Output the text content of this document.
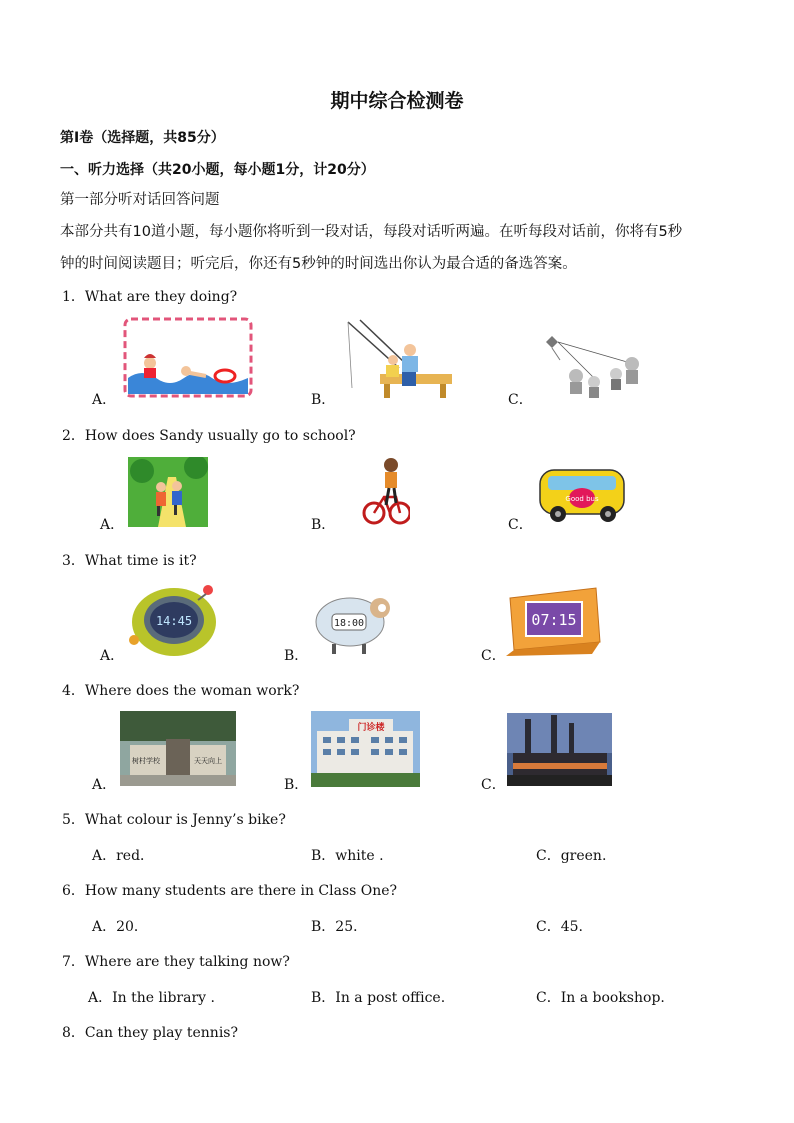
期中综合检测卷
第Ⅰ卷（选择题，共85分）
一、听力选择（共20小题，每小题1分，计20分）
第一部分听对话回答问题
本部分共有10道小题，每小题你将听到一段对话，每段对话听两遍。在听每段对话前，你将有5秒
钟的时间阅读题目；听完后，你还有5秒钟的时间选出你认为最合适的备选答案。
1．What are they doing?
A．	B．	C．
2．How does Sandy usually go to school?
A．	B．	C．
Good bus
3．What time is it?
A．	B．	C．
14:45	18:00	07:15
4．Where does the woman work?
A．	B．	C．
树村学校	天天向上
门诊楼
5．What colour is Jenny’s bike?
A．red．	B．white .	C．green.
6．How many students are there in Class One?
A．20．	B．25．	C．45.
7．Where are they talking now?
A．In the library .	B．In a post office.	C．In a bookshop.
8．Can they play tennis?
